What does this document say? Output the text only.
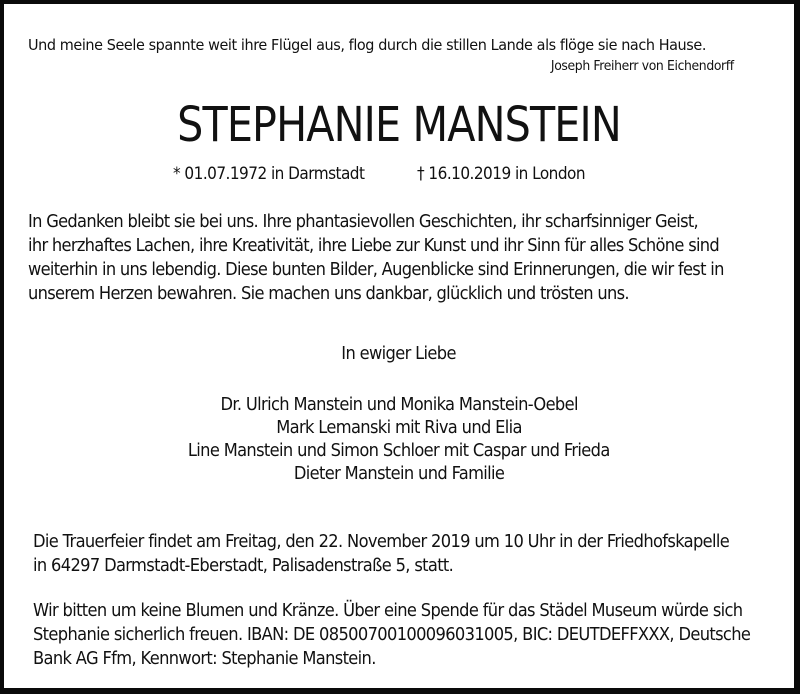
Und meine Seele spannte weit ihre Flügel aus, flog durch die stillen Lande als flöge sie nach Hause.
Joseph Freiherr von Eichendorff
STEPHANIE MANSTEIN
* 01.07.1972 in Darmstadt	† 16.10.2019 in London
In Gedanken bleibt sie bei uns. Ihre phantasievollen Geschichten, ihr scharfsinniger Geist,
ihr herzhaftes Lachen, ihre Kreativität, ihre Liebe zur Kunst und ihr Sinn für alles Schöne sind
weiterhin in uns lebendig. Diese bunten Bilder, Augenblicke sind Erinnerungen, die wir fest in
unserem Herzen bewahren. Sie machen uns dankbar, glücklich und trösten uns.
In ewiger Liebe
Dr. Ulrich Manstein und Monika Manstein-Oebel
Mark Lemanski mit Riva und Elia
Line Manstein und Simon Schloer mit Caspar und Frieda
Dieter Manstein und Familie
Die Trauerfeier findet am Freitag, den 22. November 2019 um 10 Uhr in der Friedhofskapelle
in 64297 Darmstadt-Eberstadt, Palisadenstraße 5, statt.
Wir bitten um keine Blumen und Kränze. Über eine Spende für das Städel Museum würde sich
Stephanie sicherlich freuen. IBAN: DE 08500700100096031005, BIC: DEUTDEFFXXX, Deutsche
Bank AG Ffm, Kennwort: Stephanie Manstein.
